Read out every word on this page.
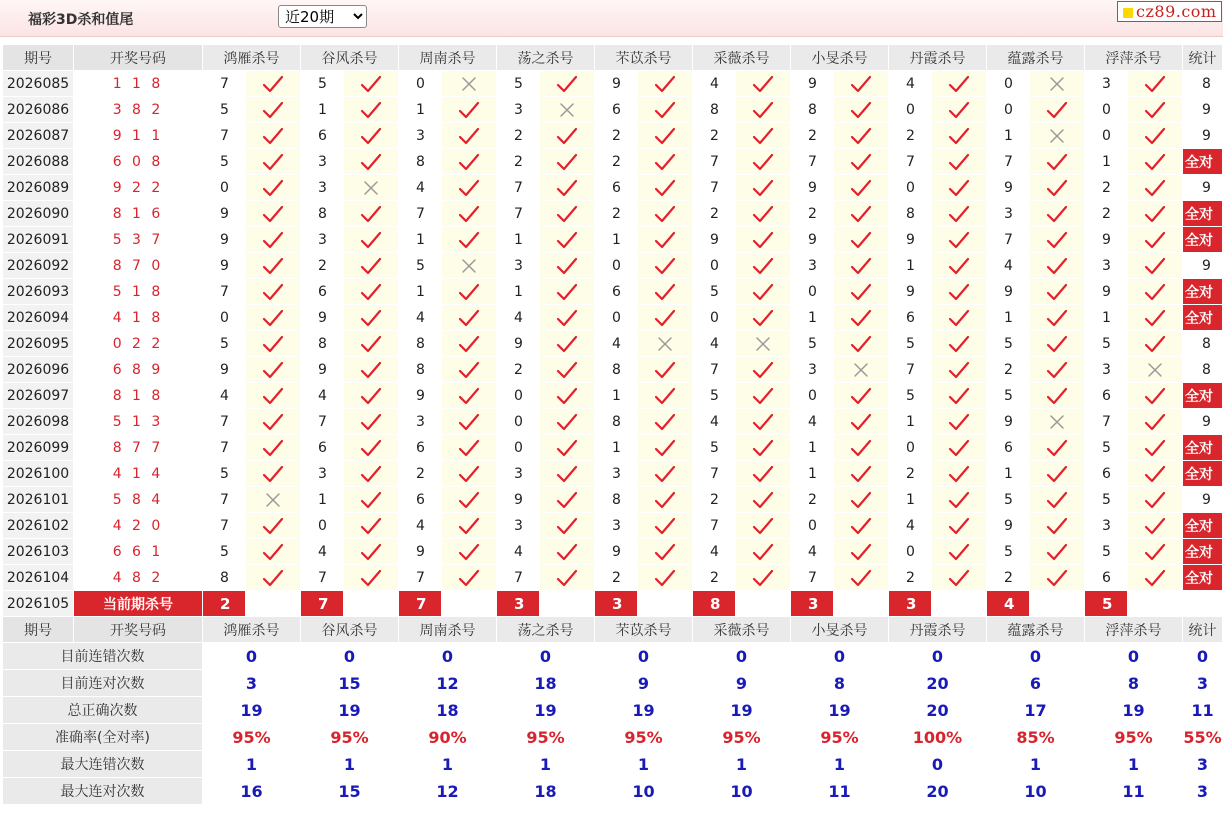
福彩3D杀和值尾
近20期	cz89.com
期号	开奖号码	鸿雁杀号		谷风杀号		周南杀号		荡之杀号		芣苡杀号		采薇杀号		小旻杀号		丹霞杀号		蕴露杀号		浮萍杀号		统计
2026085	1 1 8	7		5		0		5		9		4		9		4		0		3		8
2026086	3 8 2	5		1		1		3		6		8		8		0		0		0		9
2026087	9 1 1	7		6		3		2		2		2		2		2		1		0		9
2026088	6 0 8	5		3		8		2		2		7		7		7		7		1		全对
2026089	9 2 2	0		3		4		7		6		7		9		0		9		2		9
2026090	8 1 6	9		8		7		7		2		2		2		8		3		2		全对
2026091	5 3 7	9		3		1		1		1		9		9		9		7		9		全对
2026092	8 7 0	9		2		5		3		0		0		3		1		4		3		9
2026093	5 1 8	7		6		1		1		6		5		0		9		9		9		全对
2026094	4 1 8	0		9		4		4		0		0		1		6		1		1		全对
2026095	0 2 2	5		8		8		9		4		4		5		5		5		5		8
2026096	6 8 9	9		9		8		2		8		7		3		7		2		3		8
2026097	8 1 8	4		4		9		0		1		5		0		5		5		6		全对
2026098	5 1 3	7		7		3		0		8		4		4		1		9		7		9
2026099	8 7 7	7		6		6		0		1		5		1		0		6		5		全对
2026100	4 1 4	5		3		2		3		3		7		1		2		1		6		全对
2026101	5 8 4	7		1		6		9		8		2		2		1		5		5		9
2026102	4 2 0	7		0		4		3		3		7		0		4		9		3		全对
2026103	6 6 1	5		4		9		4		9		4		4		0		5		5		全对
2026104	4 8 2	8		7		7		7		2		2		7		2		2		6		全对
2026105	当前期杀号	2		7		7		3		3		8		3		3		4		5		
期号	开奖号码	鸿雁杀号		谷风杀号		周南杀号		荡之杀号		芣苡杀号		采薇杀号		小旻杀号		丹霞杀号		蕴露杀号		浮萍杀号		统计
目前连错次数		0		0		0		0		0		0		0		0		0		0		0
目前连对次数		3		15		12		18		9		9		8		20		6		8		3
总正确次数		19		19		18		19		19		19		19		20		17		19		11
准确率(全对率)		95%		95%		90%		95%		95%		95%		95%		100%		85%		95%		55%
最大连错次数		1		1		1		1		1		1		1		0		1		1		3
最大连对次数		16		15		12		18		10		10		11		20		10		11		3
